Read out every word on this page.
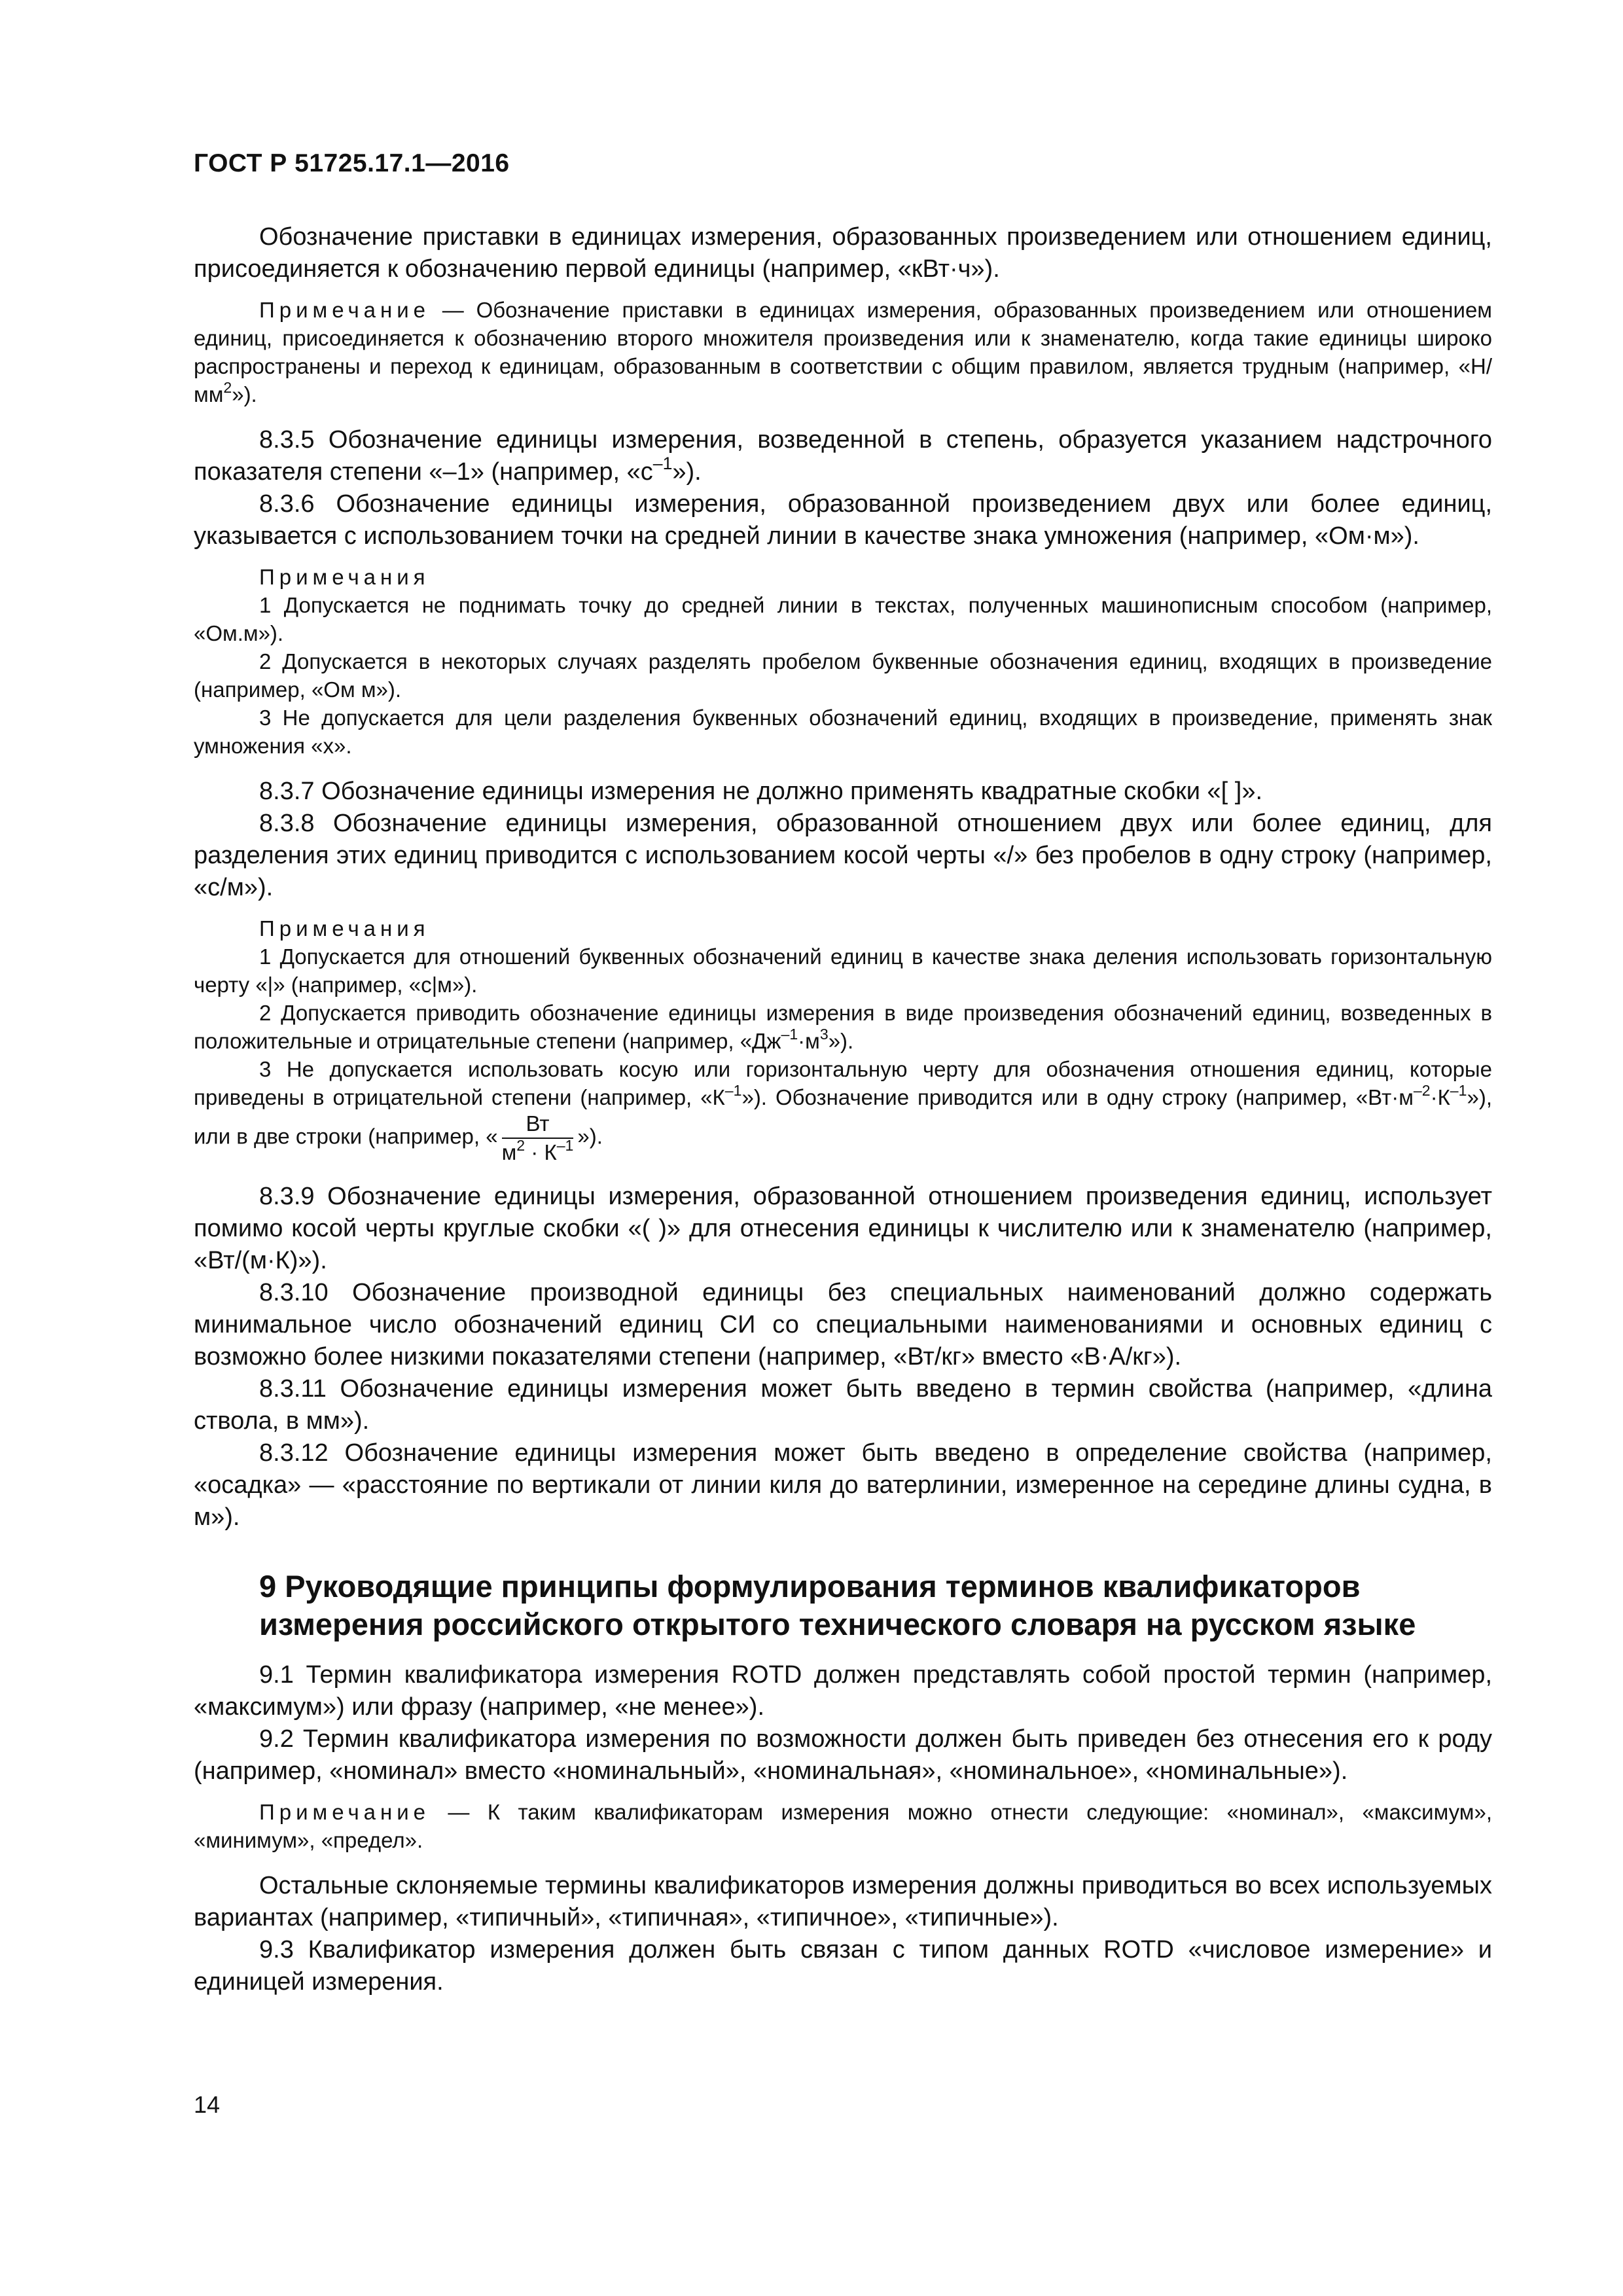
ГОСТ Р 51725.17.1—2016

Обозначение приставки в единицах измерения, образованных произведением или отношением единиц, присоединяется к обозначению первой единицы (например, «кВт·ч»).

Примечание — Обозначение приставки в единицах измерения, образованных произведением или отношением единиц, присоединяется к обозначению второго множителя произведения или к знаменателю, когда такие единицы широко распространены и переход к единицам, образованным в соответствии с общим правилом, является трудным (например, «$Н/мм^2$»).

8.3.5 Обозначение единицы измерения, возведенной в степень, образуется указанием надстрочного показателя степени «–1» (например, «$с^{-1}$»).

8.3.6 Обозначение единицы измерения, образованной произведением двух или более единиц, указывается с использованием точки на средней линии в качестве знака умножения (например, «Ом·м»).

Примечания

1 Допускается не поднимать точку до средней линии в текстах, полученных машинописным способом (например, «Ом.м»).

2 Допускается в некоторых случаях разделять пробелом буквенные обозначения единиц, входящих в произведение (например, «Ом м»).

3 Не допускается для цели разделения буквенных обозначений единиц, входящих в произведение, применять знак умножения «х».

8.3.7 Обозначение единицы измерения не должно применять квадратные скобки «[ ]».

8.3.8 Обозначение единицы измерения, образованной отношением двух или более единиц, для разделения этих единиц приводится с использованием косой черты «/» без пробелов в одну строку (например, «с/м»).

Примечания

1 Допускается для отношений буквенных обозначений единиц в качестве знака деления использовать горизонтальную черту «|» (например, «с|м»).

2 Допускается приводить обозначение единицы измерения в виде произведения обозначений единиц, возведенных в положительные и отрицательные степени (например, «$Дж^{-1}\cdot м^3$»).

3 Не допускается использовать косую или горизонтальную черту для обозначения отношения единиц, которые приведены в отрицательной степени (например, «$К^{-1}$»). Обозначение приводится или в одну строку (например, «$Вт\cdot м^{-2}\cdot К^{-1}$»), или в две строки (например, « $\frac{Вт}{м^2 \cdot К^{-1}}$ »).

8.3.9 Обозначение единицы измерения, образованной отношением произведения единиц, использует помимо косой черты круглые скобки «( )» для отнесения единицы к числителю или к знаменателю (например, «Вт/(м·К)»).

8.3.10 Обозначение производной единицы без специальных наименований должно содержать минимальное число обозначений единиц СИ со специальными наименованиями и основных единиц с возможно более низкими показателями степени (например, «Вт/кг» вместо «В·А/кг»).

8.3.11 Обозначение единицы измерения может быть введено в термин свойства (например, «длина ствола, в мм»).

8.3.12 Обозначение единицы измерения может быть введено в определение свойства (например, «осадка» — «расстояние по вертикали от линии киля до ватерлинии, измеренное на середине длины судна, в м»).

9 Руководящие принципы формулирования терминов квалификаторов измерения российского открытого технического словаря на русском языке

9.1 Термин квалификатора измерения ROTD должен представлять собой простой термин (например, «максимум») или фразу (например, «не менее»).

9.2 Термин квалификатора измерения по возможности должен быть приведен без отнесения его к роду (например, «номинал» вместо «номинальный», «номинальная», «номинальное», «номинальные»).

Примечание — К таким квалификаторам измерения можно отнести следующие: «номинал», «максимум», «минимум», «предел».

Остальные склоняемые термины квалификаторов измерения должны приводиться во всех используемых вариантах (например, «типичный», «типичная», «типичное», «типичные»).

9.3 Квалификатор измерения должен быть связан с типом данных ROTD «числовое измерение» и единицей измерения.

14
